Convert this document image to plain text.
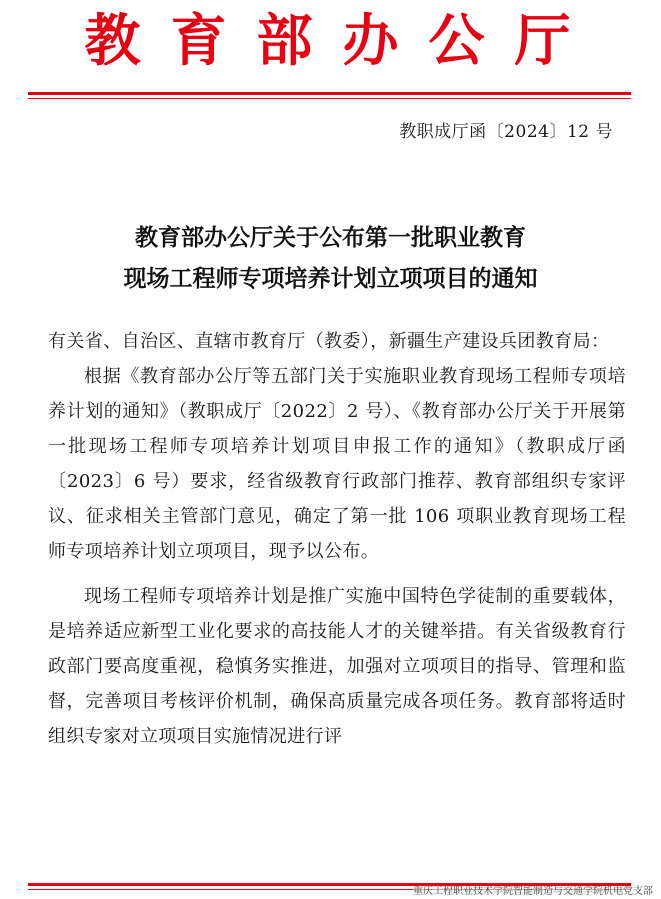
教育部办公厅
教职成厅函〔2024〕12 号
教育部办公厅关于公布第一批职业教育
现场工程师专项培养计划立项项目的通知

有关省、自治区、直辖市教育厅（教委），新疆生产建设兵团教育局：

根据《教育部办公厅等五部门关于实施职业教育现场工程师专项培养计划的通知》（教职成厅〔2022〕2 号）、《教育部办公厅关于开展第一批现场工程师专项培养计划项目申报工作的通知》（教职成厅函〔2023〕6 号）要求，经省级教育行政部门推荐、教育部组织专家评议、征求相关主管部门意见，确定了第一批 106 项职业教育现场工程师专项培养计划立项项目，现予以公布。

现场工程师专项培养计划是推广实施中国特色学徒制的重要载体，是培养适应新型工业化要求的高技能人才的关键举措。有关省级教育行政部门要高度重视，稳慎务实推进，加强对立项项目的指导、管理和监督，完善项目考核评价机制，确保高质量完成各项任务。教育部将适时组织专家对立项项目实施情况进行评

重庆工程职业技术学院智能制造与交通学院机电党支部
